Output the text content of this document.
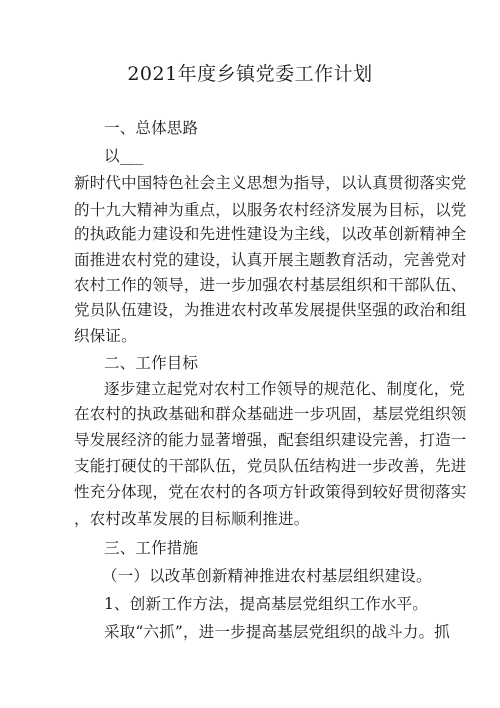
2021年度乡镇党委工作计划
一、总体思路
以___
新时代中国特色社会主义思想为指导，以认真贯彻落实党
的十九大精神为重点，以服务农村经济发展为目标，以党
的执政能力建设和先进性建设为主线，以改革创新精神全
面推进农村党的建设，认真开展主题教育活动，完善党对
农村工作的领导，进一步加强农村基层组织和干部队伍、
党员队伍建设，为推进农村改革发展提供坚强的政治和组
织保证。
二、工作目标
逐步建立起党对农村工作领导的规范化、制度化，党
在农村的执政基础和群众基础进一步巩固，基层党组织领
导发展经济的能力显著增强，配套组织建设完善，打造一
支能打硬仗的干部队伍，党员队伍结构进一步改善，先进
性充分体现，党在农村的各项方针政策得到较好贯彻落实
，农村改革发展的目标顺利推进。
三、工作措施
（一）以改革创新精神推进农村基层组织建设。
1、创新工作方法，提高基层党组织工作水平。
采取“六抓”，进一步提高基层党组织的战斗力。抓
